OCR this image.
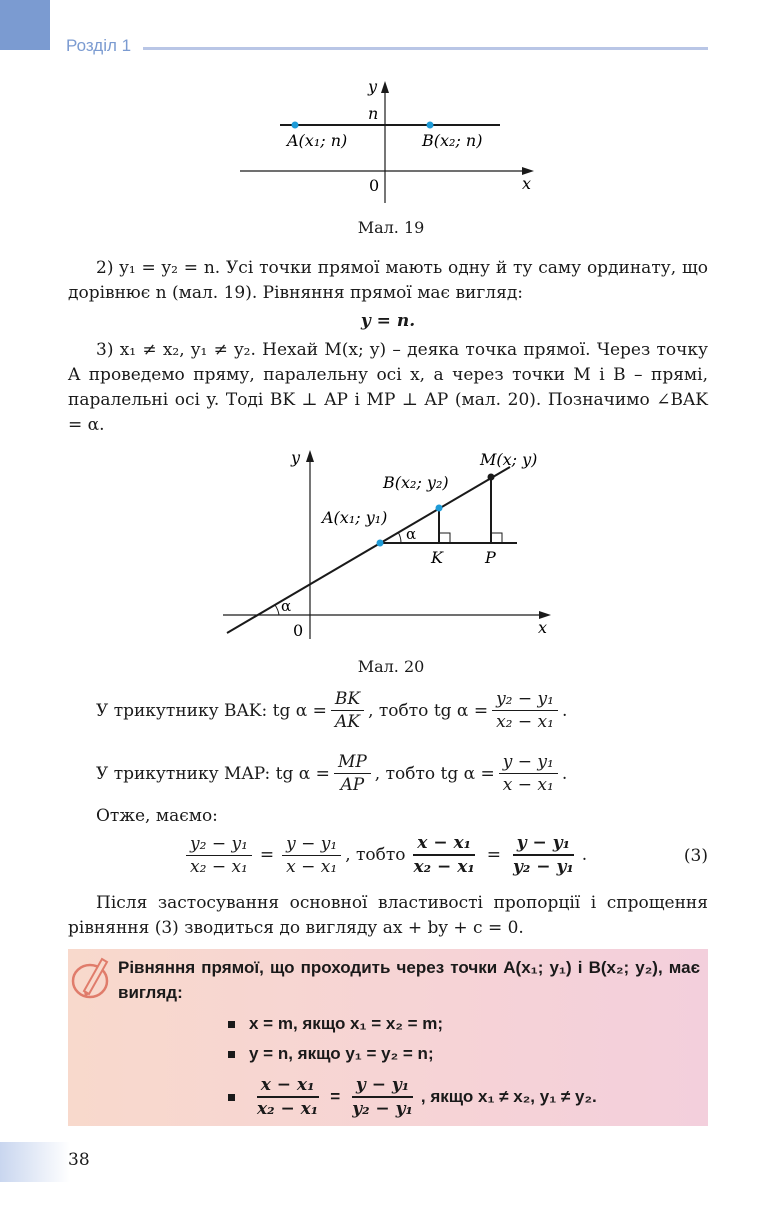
Розділ 1
y
n
0	x
A(x₁; n)	B(x₂; n)
Мал. 19
2) y₁ = y₂ = n. Усі точки прямої мають одну й ту саму ординату, що дорівнює n (мал. 19). Рівняння прямої має вигляд:
y = n.
3) x₁ ≠ x₂, y₁ ≠ y₂. Нехай M(x; y) – деяка точка прямої. Через точку A проведемо пряму, паралельну осі x, а через точки M і B – прямі, паралельні осі y. Тоді BK ⊥ AP і MP ⊥ AP (мал. 20). Позначимо ∠BAK = α.
y
0	x
M(x; y)
B(x₂; y₂)
A(x₁; y₁)
K	P
α
α
Мал. 20
У трикутнику BAK: tg $\alpha = \frac{BK}{AK}$ , тобто tg $\alpha = \frac{\text{y₂ − y₁}}{\text{x₂ − x₁}}$ .
У трикутнику MAP: tg $\alpha = \frac{MP}{AP}$ , тобто tg $\alpha = \frac{\text{y − y₁}}{\text{x − x₁}}$ .
Отже, маємо:
$\frac{\text{y₂ − y₁}}{\text{x₂ − x₁}} = \frac{\text{y − y₁}}{\text{x − x₁}}$ , тобто $\frac{\text{x − x₁}}{\text{x₂ − x₁}} = \frac{\text{y − y₁}}{\text{y₂ − y₁}}$ .	(3)
Після застосування основної властивості пропорції і спрощення рівняння (3) зводиться до вигляду ax + by + c = 0.
Рівняння прямої, що проходить через точки A(x₁; y₁) і B(x₂; y₂), має вигляд:
x = m, якщо x₁ = x₂ = m;
y = n, якщо y₁ = y₂ = n;
$\frac{\text{x − x₁}}{\text{x₂ − x₁}} = \frac{\text{y − y₁}}{\text{y₂ − y₁}}$ , якщо x₁ ≠ x₂, y₁ ≠ y₂.
38
